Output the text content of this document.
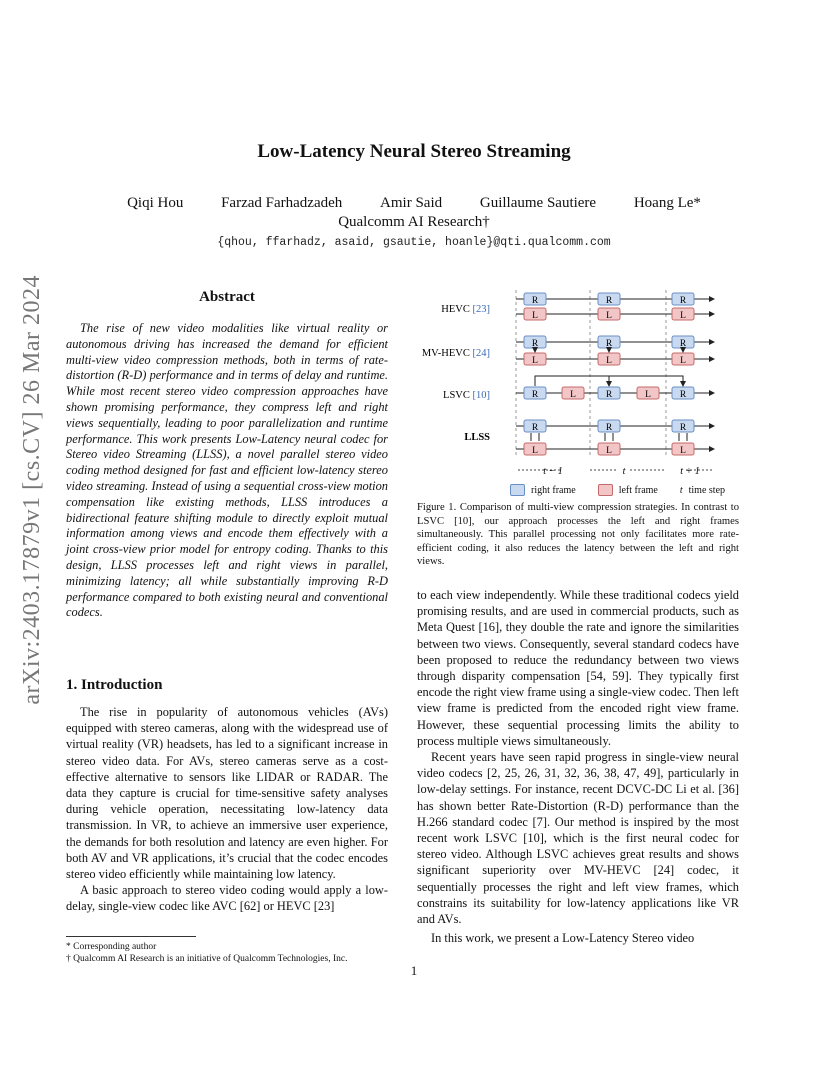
arXiv:2403.17879v1 [cs.CV] 26 Mar 2024
Low-Latency Neural Stereo Streaming
Qiqi Hou	Farzad Farhadzadeh	Amir Said	Guillaume Sautiere	Hoang Le*
Qualcomm AI Research†
{qhou, ffarhadz, asaid, gsautie, hoanle}@qti.qualcomm.com
Abstract
The rise of new video modalities like virtual reality or autonomous driving has increased the demand for efficient multi-view video compression methods, both in terms of rate-distortion (R-D) performance and in terms of delay and runtime. While most recent stereo video compression approaches have shown promising performance, they compress left and right views sequentially, leading to poor parallelization and runtime performance. This work presents Low-Latency neural codec for Stereo video Streaming (LLSS), a novel parallel stereo video coding method designed for fast and efficient low-latency stereo video streaming. Instead of using a sequential cross-view motion compensation like existing methods, LLSS introduces a bidirectional feature shifting module to directly exploit mutual information among views and encode them effectively with a joint cross-view prior model for entropy coding. Thanks to this design, LLSS processes left and right views in parallel, minimizing latency; all while substantially improving R-D performance compared to both existing neural and conventional codecs.
1. Introduction

The rise in popularity of autonomous vehicles (AVs) equipped with stereo cameras, along with the widespread use of virtual reality (VR) headsets, has led to a significant increase in stereo video data. For AVs, stereo cameras serve as a cost-effective alternative to sensors like LIDAR or RADAR. The data they capture is crucial for time-sensitive safety analyses during vehicle operation, necessitating low-latency data transmission. In VR, to achieve an immersive user experience, the demands for both resolution and latency are even higher. For both AV and VR applications, it’s crucial that the codec encodes stereo video efficiently while maintaining low latency.

A basic approach to stereo video coding would apply a low-delay, single-view codec like AVC [62] or HEVC [23]

* Corresponding author
† Qualcomm AI Research is an initiative of Qualcomm Technologies, Inc.
HEVC [23]
MV-HEVC [24]
LSVC [10]
LLSS
R
L
R
L
R
L
R
L
R
L
R
L
R	L	R	L	R
R
L
R
L
R
L
t − 1	t	t + 1
right frame	left frame t time step
Figure 1. Comparison of multi-view compression strategies. In contrast to LSVC [10], our approach processes the left and right frames simultaneously. This parallel processing not only facilitates more rate-efficient coding, it also reduces the latency between the left and right views.

to each view independently. While these traditional codecs yield promising results, and are used in commercial products, such as Meta Quest [16], they double the rate and ignore the similarities between two views. Consequently, several standard codecs have been proposed to reduce the redundancy between two views through disparity compensation [54, 59]. They typically first encode the right view frame using a single-view codec. Then left view frame is predicted from the encoded right view frame. However, these sequential processing limits the ability to process multiple views simultaneously.

Recent years have seen rapid progress in single-view neural video codecs [2, 25, 26, 31, 32, 36, 38, 47, 49], particularly in low-delay settings. For instance, recent DCVC-DC Li et al. [36] has shown better Rate-Distortion (R-D) performance than the H.266 standard codec [7]. Our method is inspired by the most recent work LSVC [10], which is the first neural codec for stereo video. Although LSVC achieves great results and shows significant superiority over MV-HEVC [24] codec, it sequentially processes the right and left view frames, which constrains its suitability for low-latency applications like VR and AVs.

In this work, we present a Low-Latency Stereo video

1
